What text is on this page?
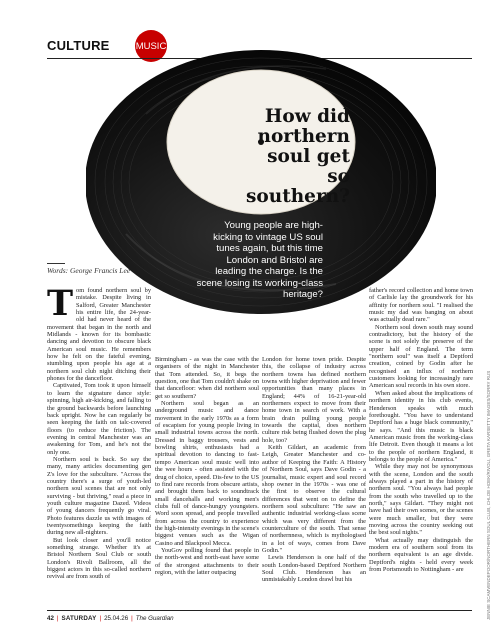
CULTURE	MUSIC
How did northern soul get so southern?
Young people are high-kicking to vintage US soul tunes again, but this time London and Bristol are leading the charge. Is the scene losing its working-class heritage?
Words: George Francis Lee
T om found northern soul by mistake. Despite living in Salford, Greater Manchester his entire life, the 24-year-old had never heard of the movement that began in the north and Midlands - known for its bombastic dancing and devotion to obscure black American soul music. He remembers how he felt on the fateful evening, stumbling upon people his age at a northern soul club night ditching their phones for the dancefloor.

Captivated, Tom took it upon himself to learn the signature dance style: spinning, high air-kicking, and falling to the ground backwards before launching back upright. Now he can regularly be seen keeping the faith on talc-covered floors (to reduce the friction). The evening in central Manchester was an awakening for Tom, and he's not the only one.

Northern soul is back. So say the many, many articles documenting gen Z's love for the subculture. "Across the country there's a surge of youth-led northern soul scenes that are not only surviving - but thriving," read a piece in youth culture magazine Dazed. Videos of young dancers frequently go viral. Photo features dazzle us with images of twentysomethings keeping the faith during new all-nighters.

But look closer and you'll notice something strange. Whether it's at Bristol Northern Soul Club or south London's Rivoli Ballroom, all the biggest actors in this so-called northern revival are from south of

Birmingham - as was the case with the organisers of the night in Manchester that Tom attended. So, it begs the question, one that Tom couldn't shake on that dancefloor: when did northern soul get so southern?

Northern soul began as an underground music and dance movement in the early 1970s as a form of escapism for young people living in small industrial towns across the north. Dressed in baggy trousers, vests and bowling shirts, enthusiasts had a spiritual devotion to dancing to fast-tempo American soul music well into the wee hours - often assisted with the drug of choice, speed. Dis-few to the US to find rare records from obscure artists, and brought them back to soundtrack small dancehalls and working men's clubs full of dance-hungry youngsters. Word soon spread, and people travelled from across the country to experience the high-intensity evenings in the scene's biggest venues such as the Wigan Casino and Blackpool Mecca.

YouGov polling found that people in the north-west and north-east have some of the strongest attachments to their region, with the latter outpacing

London for home town pride. Despite this, the collapse of industry across northern towns has defined northern towns with higher deprivation and fewer opportunities than many places in England; 44% of 16-21-year-old northerners expect to move from their home town in search of work. With a brain drain pulling young people towards the capital, does northern culture risk being flushed down the plug hole, too?

Keith Gildart, an academic from Leigh, Greater Manchester and co-author of Keeping the Faith: A History of Northern Soul, says Dave Godin - a journalist, music expert and soul record shop owner in the 1970s - was one of the first to observe the cultural differences that went on to define the northern soul subculture: "He saw an authentic industrial working-class scene which was very different from the counterculture of the south. That sense of northernness, which is mythologised in a lot of ways, comes from Dave Godin."

Lewis Henderson is one half of the south London-based Deptford Northern Soul Club. Henderson has an unmistakably London drawl but his

father's record collection and home town of Carlisle lay the groundwork for his affinity for northern soul. "I realised the music my dad was banging on about was actually dead rare."

Northern soul down south may sound contradictory, but the history of the scene is not solely the preserve of the upper half of England. The term "northern soul" was itself a Deptford creation, coined by Godin after he recognised an influx of northern customers looking for increasingly rare American soul records in his own store.

When asked about the implications of northern identity in his club events, Henderson speaks with much forethought. "You have to understand Deptford has a huge black community," he says. "And this music is black American music from the working-class life Detroit. Even though it means a lot to the people of northern England, it belongs to the people of America."

While they may not be synonymous with the scene, London and the south always played a part in the history of northern soul. "You always had people from the south who travelled up to the north," says Gildart. "They might not have had their own scenes, or the scenes were much smaller, but they were moving across the country seeking out the best soul nights."

What actually may distinguish the modern era of southern soul from its northern equivalent is an age divide. Deptford's nights - held every week from Portsmouth to Nottingham - are	JENNIE SCAMVENDEPOOR/NORTHERN SOUL CLUB, CHLOE HOEK/RIVOLI, GRETA KARSETTY IMAGES/SORRY RUS
42 | SATURDAY | 25.04.26 | The Guardian
